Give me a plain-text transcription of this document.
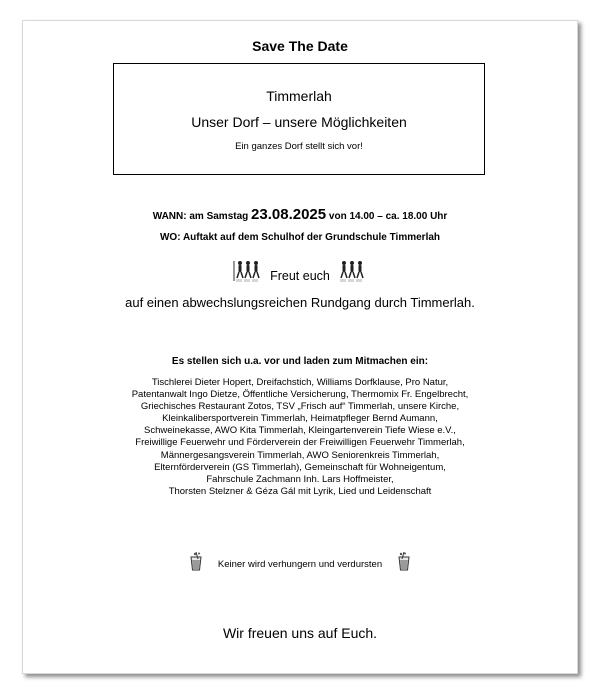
Save The Date
Timmerlah
Unser Dorf – unsere Möglichkeiten
Ein ganzes Dorf stellt sich vor!
WANN: am Samstag 23.08.2025 von 14.00 – ca. 18.00 Uhr
WO: Auftakt auf dem Schulhof der Grundschule Timmerlah
Freut euch
auf einen abwechslungsreichen Rundgang durch Timmerlah.
Es stellen sich u.a. vor und laden zum Mitmachen ein:
Tischlerei Dieter Hopert, Dreifachstich, Williams Dorfklause, Pro Natur,
Patentanwalt Ingo Dietze, Öffentliche Versicherung, Thermomix Fr. Engelbrecht,
Griechisches Restaurant Zotos, TSV „Frisch auf“ Timmerlah, unsere Kirche,
Kleinkalibersportverein Timmerlah, Heimatpfleger Bernd Aumann,
Schweinekasse, AWO Kita Timmerlah, Kleingartenverein Tiefe Wiese e.V.,
Freiwillige Feuerwehr und Förderverein der Freiwilligen Feuerwehr Timmerlah,
Männergesangsverein Timmerlah, AWO Seniorenkreis Timmerlah,
Elternförderverein (GS Timmerlah), Gemeinschaft für Wohneigentum,
Fahrschule Zachmann Inh. Lars Hoffmeister,
Thorsten Stelzner & Géza Gál mit Lyrik, Lied und Leidenschaft
Keiner wird verhungern und verdursten
Wir freuen uns auf Euch.
